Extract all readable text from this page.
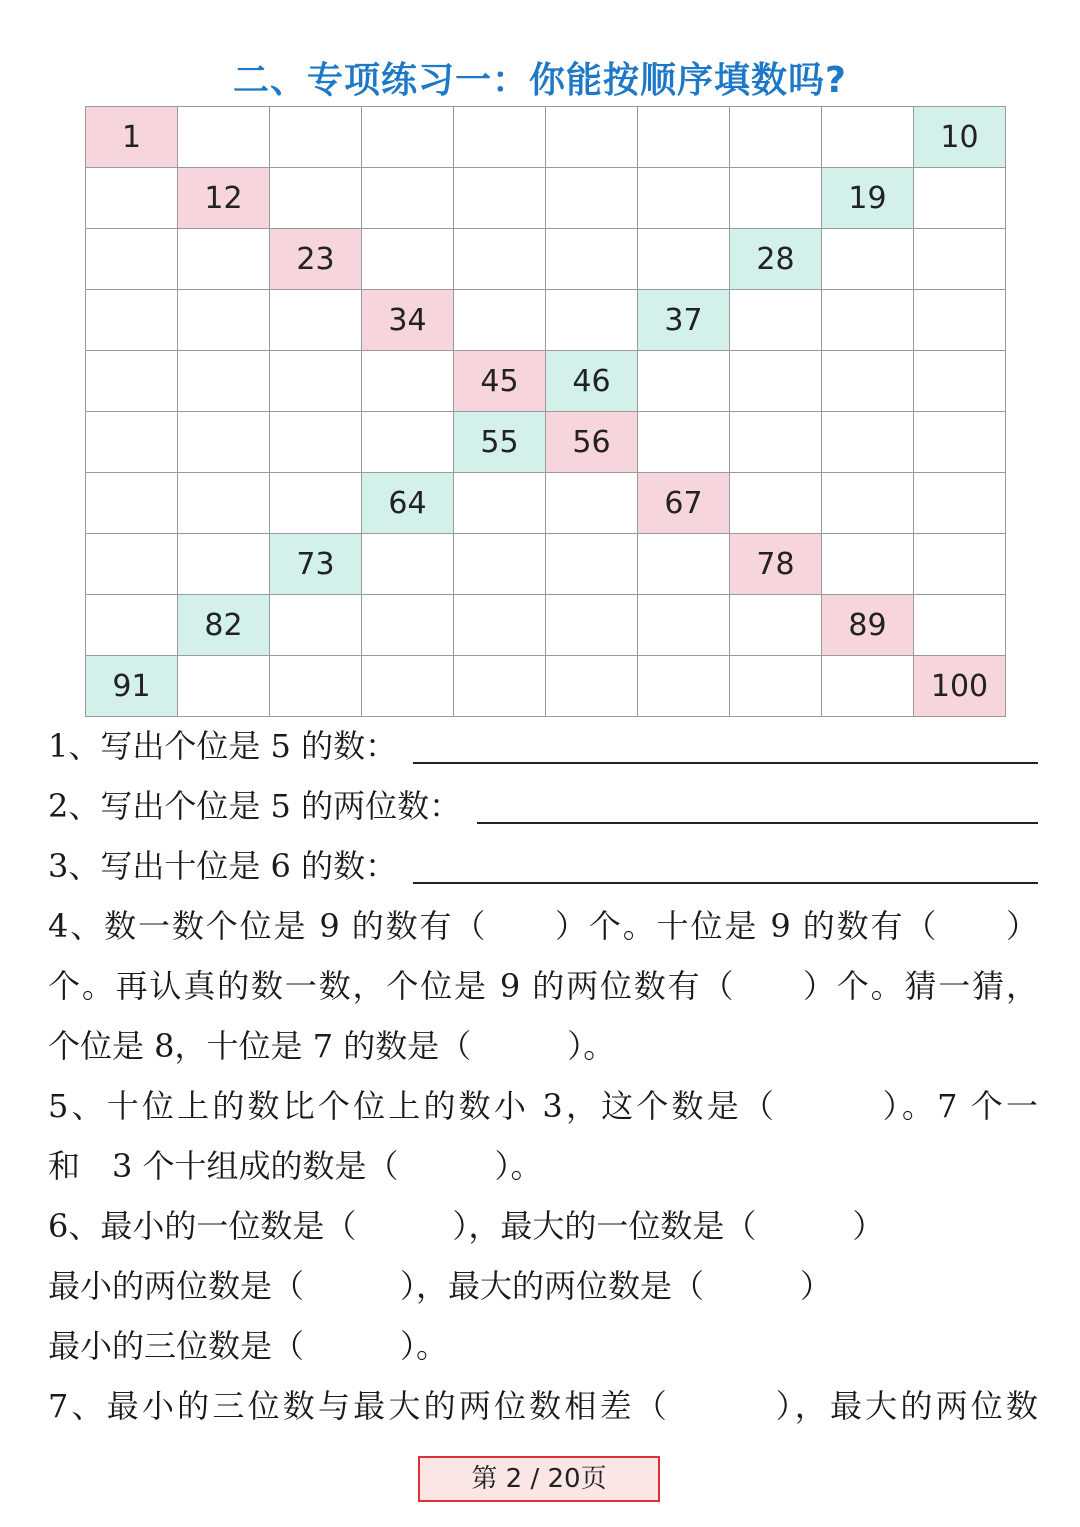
二、专项练习一：你能按顺序填数吗?
1									10
	12							19	
		23					28		
			34			37			
				45	46				
				55	56				
			64			67			
		73					78		
	82							89	
91									100
1、写出个位是 5 的数：
2、写出个位是 5 的两位数：
3、写出十位是 6 的数：
4、数一数个位是 9 的数有（　　）个。十位是 9 的数有（　　）
个。再认真的数一数，个位是 9 的两位数有（　　）个。猜一猜，
个位是 8，十位是 7 的数是（　　　）。
5、十位上的数比个位上的数小 3，这个数是（　　　）。7 个一
和　3 个十组成的数是（　　　）。
6、最小的一位数是（　　　），最大的一位数是（　　　）
最小的两位数是（　　　），最大的两位数是（　　　）
最小的三位数是（　　　）。
7、最小的三位数与最大的两位数相差（　　　），最大的两位数
第 2 / 20页
